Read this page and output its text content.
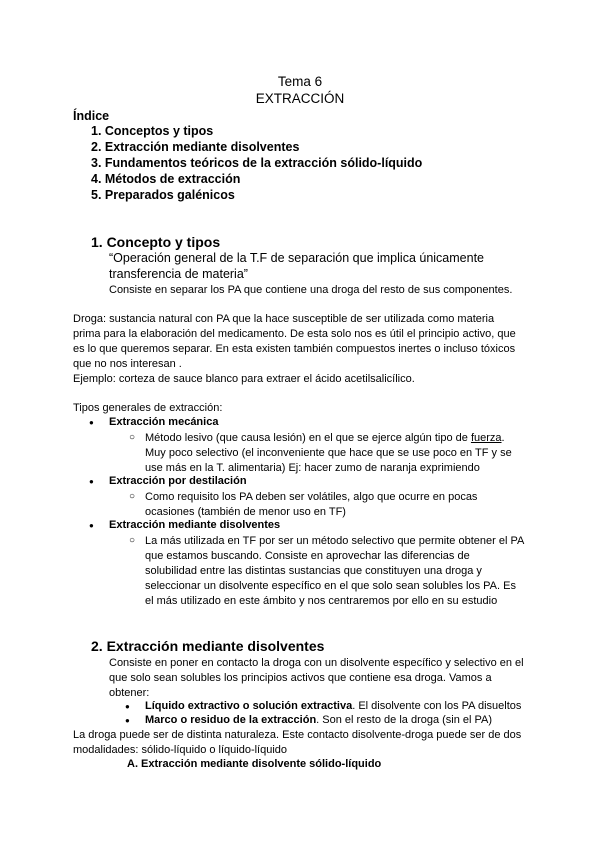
Tema 6
EXTRACCIÓN
Índice
1. Conceptos y tipos
2. Extracción mediante disolventes
3. Fundamentos teóricos de la extracción sólido-líquido
4. Métodos de extracción
5. Preparados galénicos
1. Concepto y tipos
“Operación general de la T.F de separación que implica únicamente
transferencia de materia”
Consiste en separar los PA que contiene una droga del resto de sus componentes.
Droga: sustancia natural con PA que la hace susceptible de ser utilizada como materia
prima para la elaboración del medicamento. De esta solo nos es útil el principio activo, que
es lo que queremos separar. En esta existen también compuestos inertes o incluso tóxicos
que no nos interesan .
Ejemplo: corteza de sauce blanco para extraer el ácido acetilsalicílico.
Tipos generales de extracción:
● Extracción mecánica
○ Método lesivo (que causa lesión) en el que se ejerce algún tipo de fuerza.
Muy poco selectivo (el inconveniente que hace que se use poco en TF y se
use más en la T. alimentaria) Ej: hacer zumo de naranja exprimiendo
● Extracción por destilación
○ Como requisito los PA deben ser volátiles, algo que ocurre en pocas
ocasiones (también de menor uso en TF)
● Extracción mediante disolventes
○ La más utilizada en TF por ser un método selectivo que permite obtener el PA
que estamos buscando. Consiste en aprovechar las diferencias de
solubilidad entre las distintas sustancias que constituyen una droga y
seleccionar un disolvente específico en el que solo sean solubles los PA. Es
el más utilizado en este ámbito y nos centraremos por ello en su estudio
2. Extracción mediante disolventes
Consiste en poner en contacto la droga con un disolvente específico y selectivo en el
que solo sean solubles los principios activos que contiene esa droga. Vamos a
obtener:
● Líquido extractivo o solución extractiva. El disolvente con los PA disueltos
● Marco o residuo de la extracción. Son el resto de la droga (sin el PA)
La droga puede ser de distinta naturaleza. Este contacto disolvente-droga puede ser de dos
modalidades: sólido-líquido o líquido-líquido
A. Extracción mediante disolvente sólido-líquido
